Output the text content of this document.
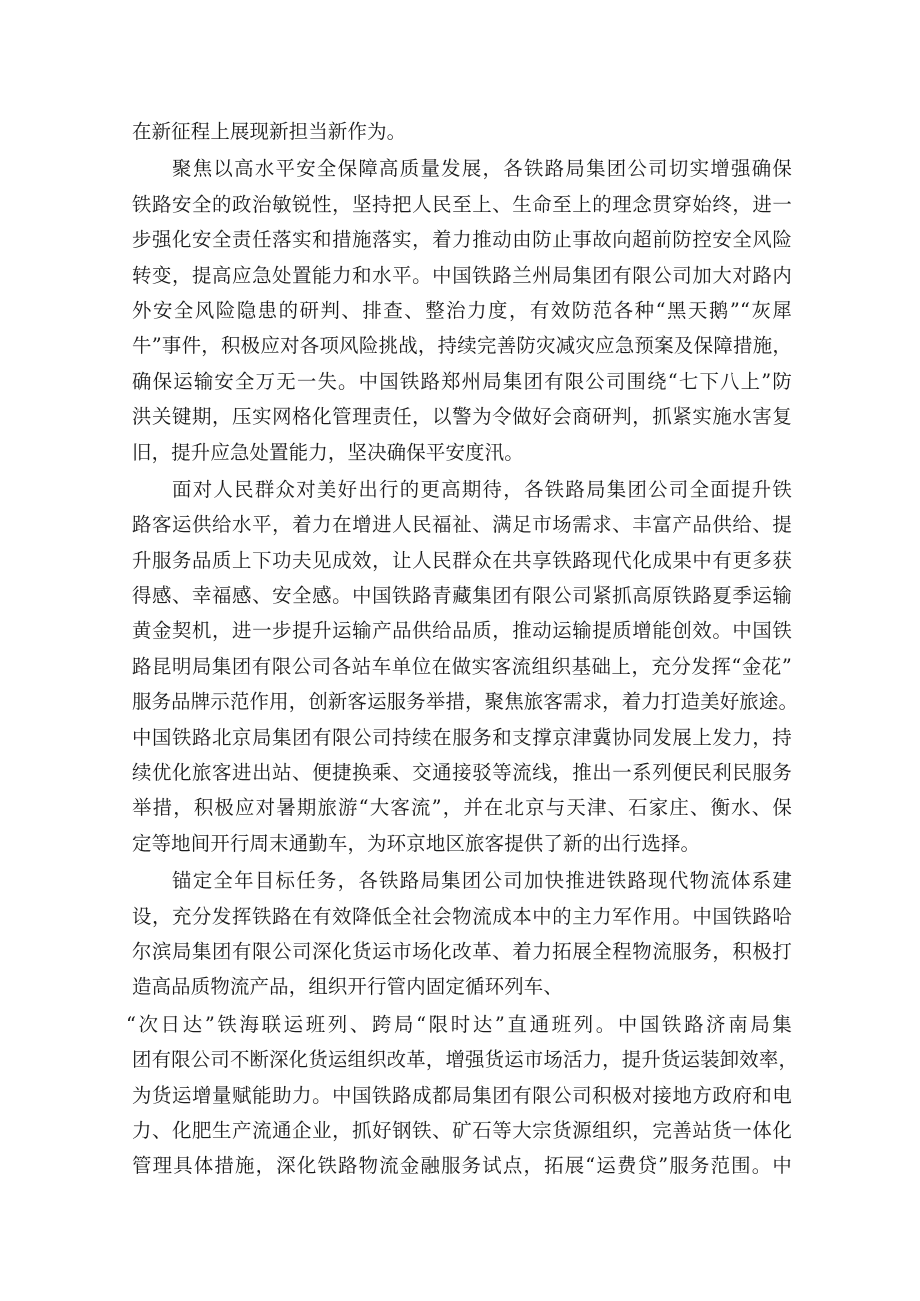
在新征程上展现新担当新作为。
聚焦以高水平安全保障高质量发展，各铁路局集团公司切实增强确保
铁路安全的政治敏锐性，坚持把人民至上、生命至上的理念贯穿始终，进一
步强化安全责任落实和措施落实，着力推动由防止事故向超前防控安全风险
转变，提高应急处置能力和水平。中国铁路兰州局集团有限公司加大对路内
外安全风险隐患的研判、排查、整治力度，有效防范各种“黑天鹅”“灰犀
牛”事件，积极应对各项风险挑战，持续完善防灾减灾应急预案及保障措施，
确保运输安全万无一失。中国铁路郑州局集团有限公司围绕“七下八上”防
洪关键期，压实网格化管理责任，以警为令做好会商研判，抓紧实施水害复
旧，提升应急处置能力，坚决确保平安度汛。
面对人民群众对美好出行的更高期待，各铁路局集团公司全面提升铁
路客运供给水平，着力在增进人民福祉、满足市场需求、丰富产品供给、提
升服务品质上下功夫见成效，让人民群众在共享铁路现代化成果中有更多获
得感、幸福感、安全感。中国铁路青藏集团有限公司紧抓高原铁路夏季运输
黄金契机，进一步提升运输产品供给品质，推动运输提质增能创效。中国铁
路昆明局集团有限公司各站车单位在做实客流组织基础上，充分发挥“金花”
服务品牌示范作用，创新客运服务举措，聚焦旅客需求，着力打造美好旅途。
中国铁路北京局集团有限公司持续在服务和支撑京津冀协同发展上发力，持
续优化旅客进出站、便捷换乘、交通接驳等流线，推出一系列便民利民服务
举措，积极应对暑期旅游“大客流”，并在北京与天津、石家庄、衡水、保
定等地间开行周末通勤车，为环京地区旅客提供了新的出行选择。
锚定全年目标任务，各铁路局集团公司加快推进铁路现代物流体系建
设，充分发挥铁路在有效降低全社会物流成本中的主力军作用。中国铁路哈
尔滨局集团有限公司深化货运市场化改革、着力拓展全程物流服务，积极打
造高品质物流产品，组织开行管内固定循环列车、
“次日达”铁海联运班列、跨局“限时达”直通班列。中国铁路济南局集
团有限公司不断深化货运组织改革，增强货运市场活力，提升货运装卸效率，
为货运增量赋能助力。中国铁路成都局集团有限公司积极对接地方政府和电
力、化肥生产流通企业，抓好钢铁、矿石等大宗货源组织，完善站货一体化
管理具体措施，深化铁路物流金融服务试点，拓展“运费贷”服务范围。中
